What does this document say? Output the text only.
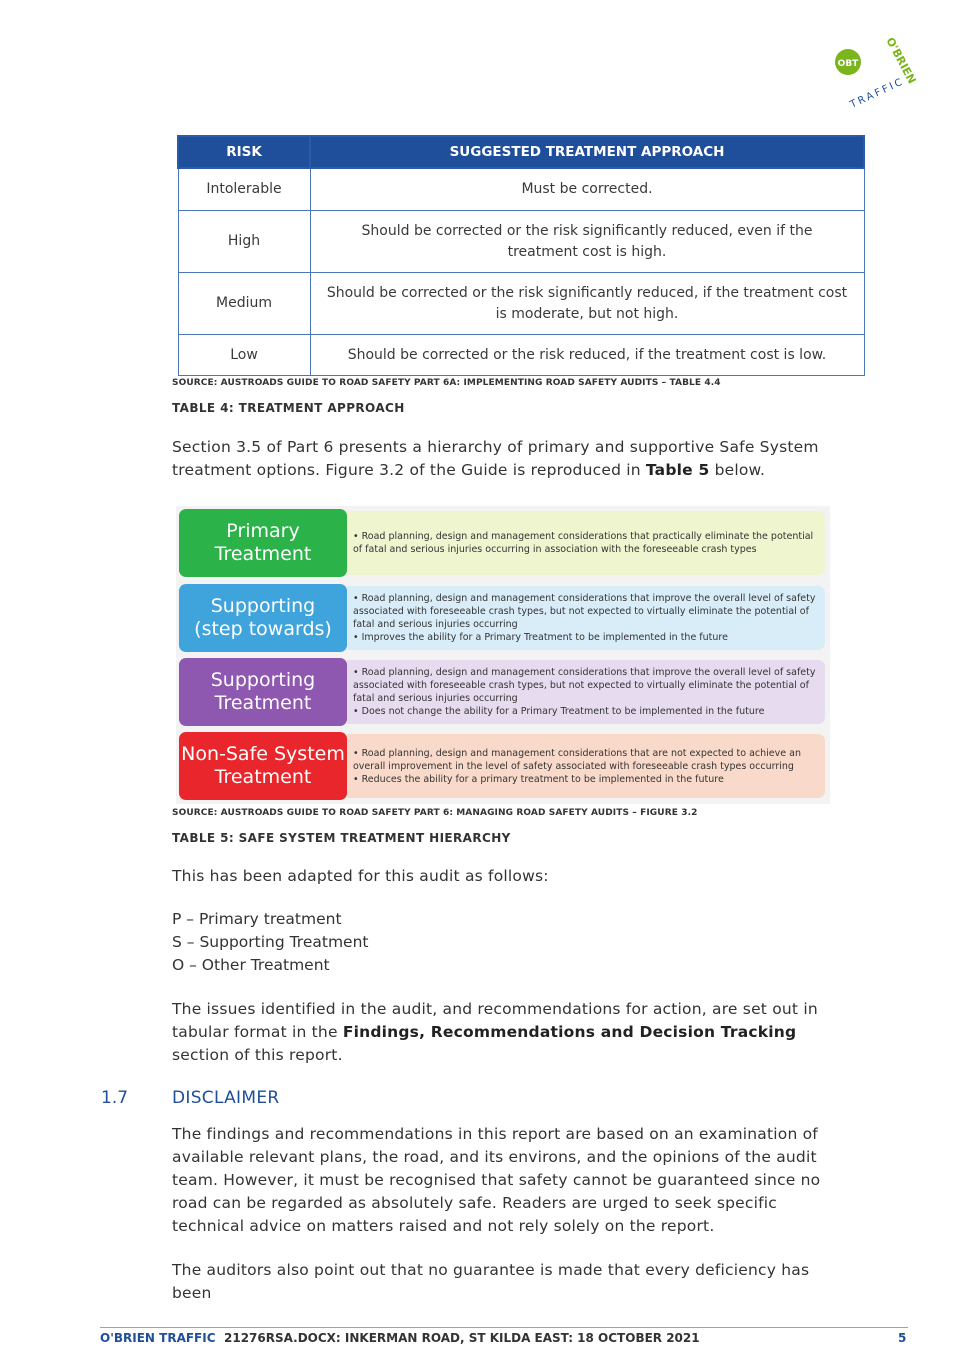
OBT O'BRIEN
TRAFFIC
RISK	SUGGESTED TREATMENT APPROACH
Intolerable	Must be corrected.
High	Should be corrected or the risk significantly reduced, even if the treatment cost is high.
Medium	Should be corrected or the risk significantly reduced, if the treatment cost is moderate, but not high.
Low	Should be corrected or the risk reduced, if the treatment cost is low.
SOURCE: AUSTROADS GUIDE TO ROAD SAFETY PART 6A: IMPLEMENTING ROAD SAFETY AUDITS – TABLE 4.4
TABLE 4: TREATMENT APPROACH

Section 3.5 of Part 6 presents a hierarchy of primary and supportive Safe System treatment options. Figure 3.2 of the Guide is reproduced in Table 5 below.

Primary
Treatment
• Road planning, design and management considerations that practically eliminate the potential of fatal and serious injuries occurring in association with the foreseeable crash types
Supporting
(step towards)
• Road planning, design and management considerations that improve the overall level of safety associated with foreseeable crash types, but not expected to virtually eliminate the potential of fatal and serious injuries occurring
• Improves the ability for a Primary Treatment to be implemented in the future
Supporting
Treatment
• Road planning, design and management considerations that improve the overall level of safety associated with foreseeable crash types, but not expected to virtually eliminate the potential of fatal and serious injuries occurring
• Does not change the ability for a Primary Treatment to be implemented in the future
Non-Safe System
Treatment
• Road planning, design and management considerations that are not expected to achieve an overall improvement in the level of safety associated with foreseeable crash types occurring
• Reduces the ability for a primary treatment to be implemented in the future
SOURCE: AUSTROADS GUIDE TO ROAD SAFETY PART 6: MANAGING ROAD SAFETY AUDITS – FIGURE 3.2
TABLE 5: SAFE SYSTEM TREATMENT HIERARCHY

This has been adapted for this audit as follows:

P – Primary treatment
S – Supporting Treatment
O – Other Treatment

The issues identified in the audit, and recommendations for action, are set out in tabular format in the Findings, Recommendations and Decision Tracking section of this report.

1.7	DISCLAIMER

The findings and recommendations in this report are based on an examination of available relevant plans, the road, and its environs, and the opinions of the audit team. However, it must be recognised that safety cannot be guaranteed since no road can be regarded as absolutely safe. Readers are urged to seek specific technical advice on matters raised and not rely solely on the report.

The auditors also point out that no guarantee is made that every deficiency has been

O'BRIEN TRAFFIC 21276RSA.DOCX: INKERMAN ROAD, ST KILDA EAST: 18 OCTOBER 2021	5
